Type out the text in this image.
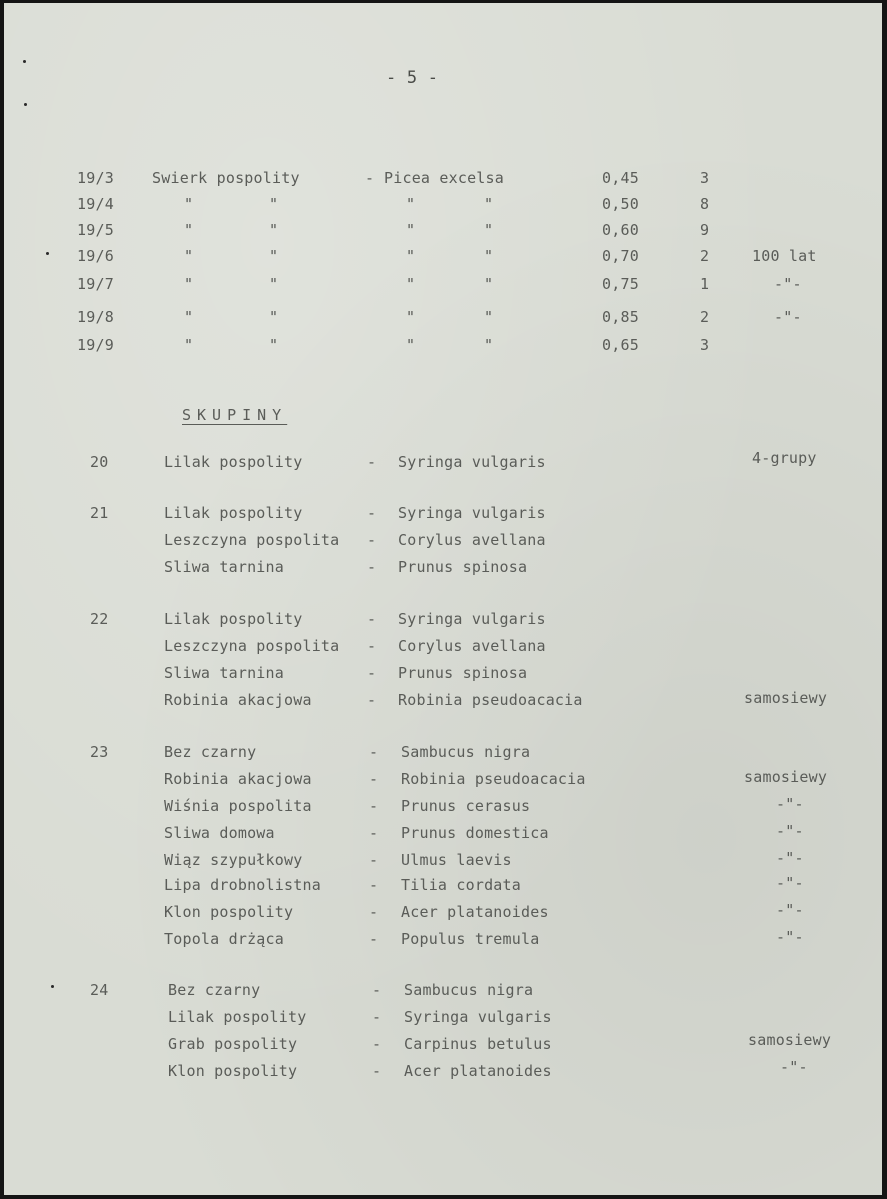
- 5 -
19/3	Swierk pospolity	- Picea excelsa	0,45	3
19/4	"	"	"	"	0,50	8
19/5	"	"	"	"	0,60	9
19/6	"	"	"	"	0,70	2	100 lat
19/7	"	"	"	"	0,75	1	-"-
19/8	"	"	"	"	0,85	2	-"-
19/9	"	"	"	"	0,65	3
SKUPINY
20	Lilak pospolity	- Syringa vulgaris	4-grupy
21	Lilak pospolity	- Syringa vulgaris
Leszczyna pospolita - Corylus avellana
Sliwa tarnina	- Prunus spinosa
22	Lilak pospolity	- Syringa vulgaris
Leszczyna pospolita - Corylus avellana
Sliwa tarnina	- Prunus spinosa
Robinia akacjowa	- Robinia pseudoacacia	samosiewy
23	Bez czarny	- Sambucus nigra
Robinia akacjowa	- Robinia pseudoacacia	samosiewy
Wiśnia pospolita	- Prunus cerasus	-"-
Sliwa domowa	- Prunus domestica	-"-
Wiąz szypułkowy	- Ulmus laevis	-"-
Lipa drobnolistna	- Tilia cordata	-"-
Klon pospolity	- Acer platanoides	-"-
Topola drżąca	- Populus tremula	-"-
24	Bez czarny	- Sambucus nigra
Lilak pospolity	- Syringa vulgaris
Grab pospolity	- Carpinus betulus	samosiewy
Klon pospolity	- Acer platanoides	-"-
